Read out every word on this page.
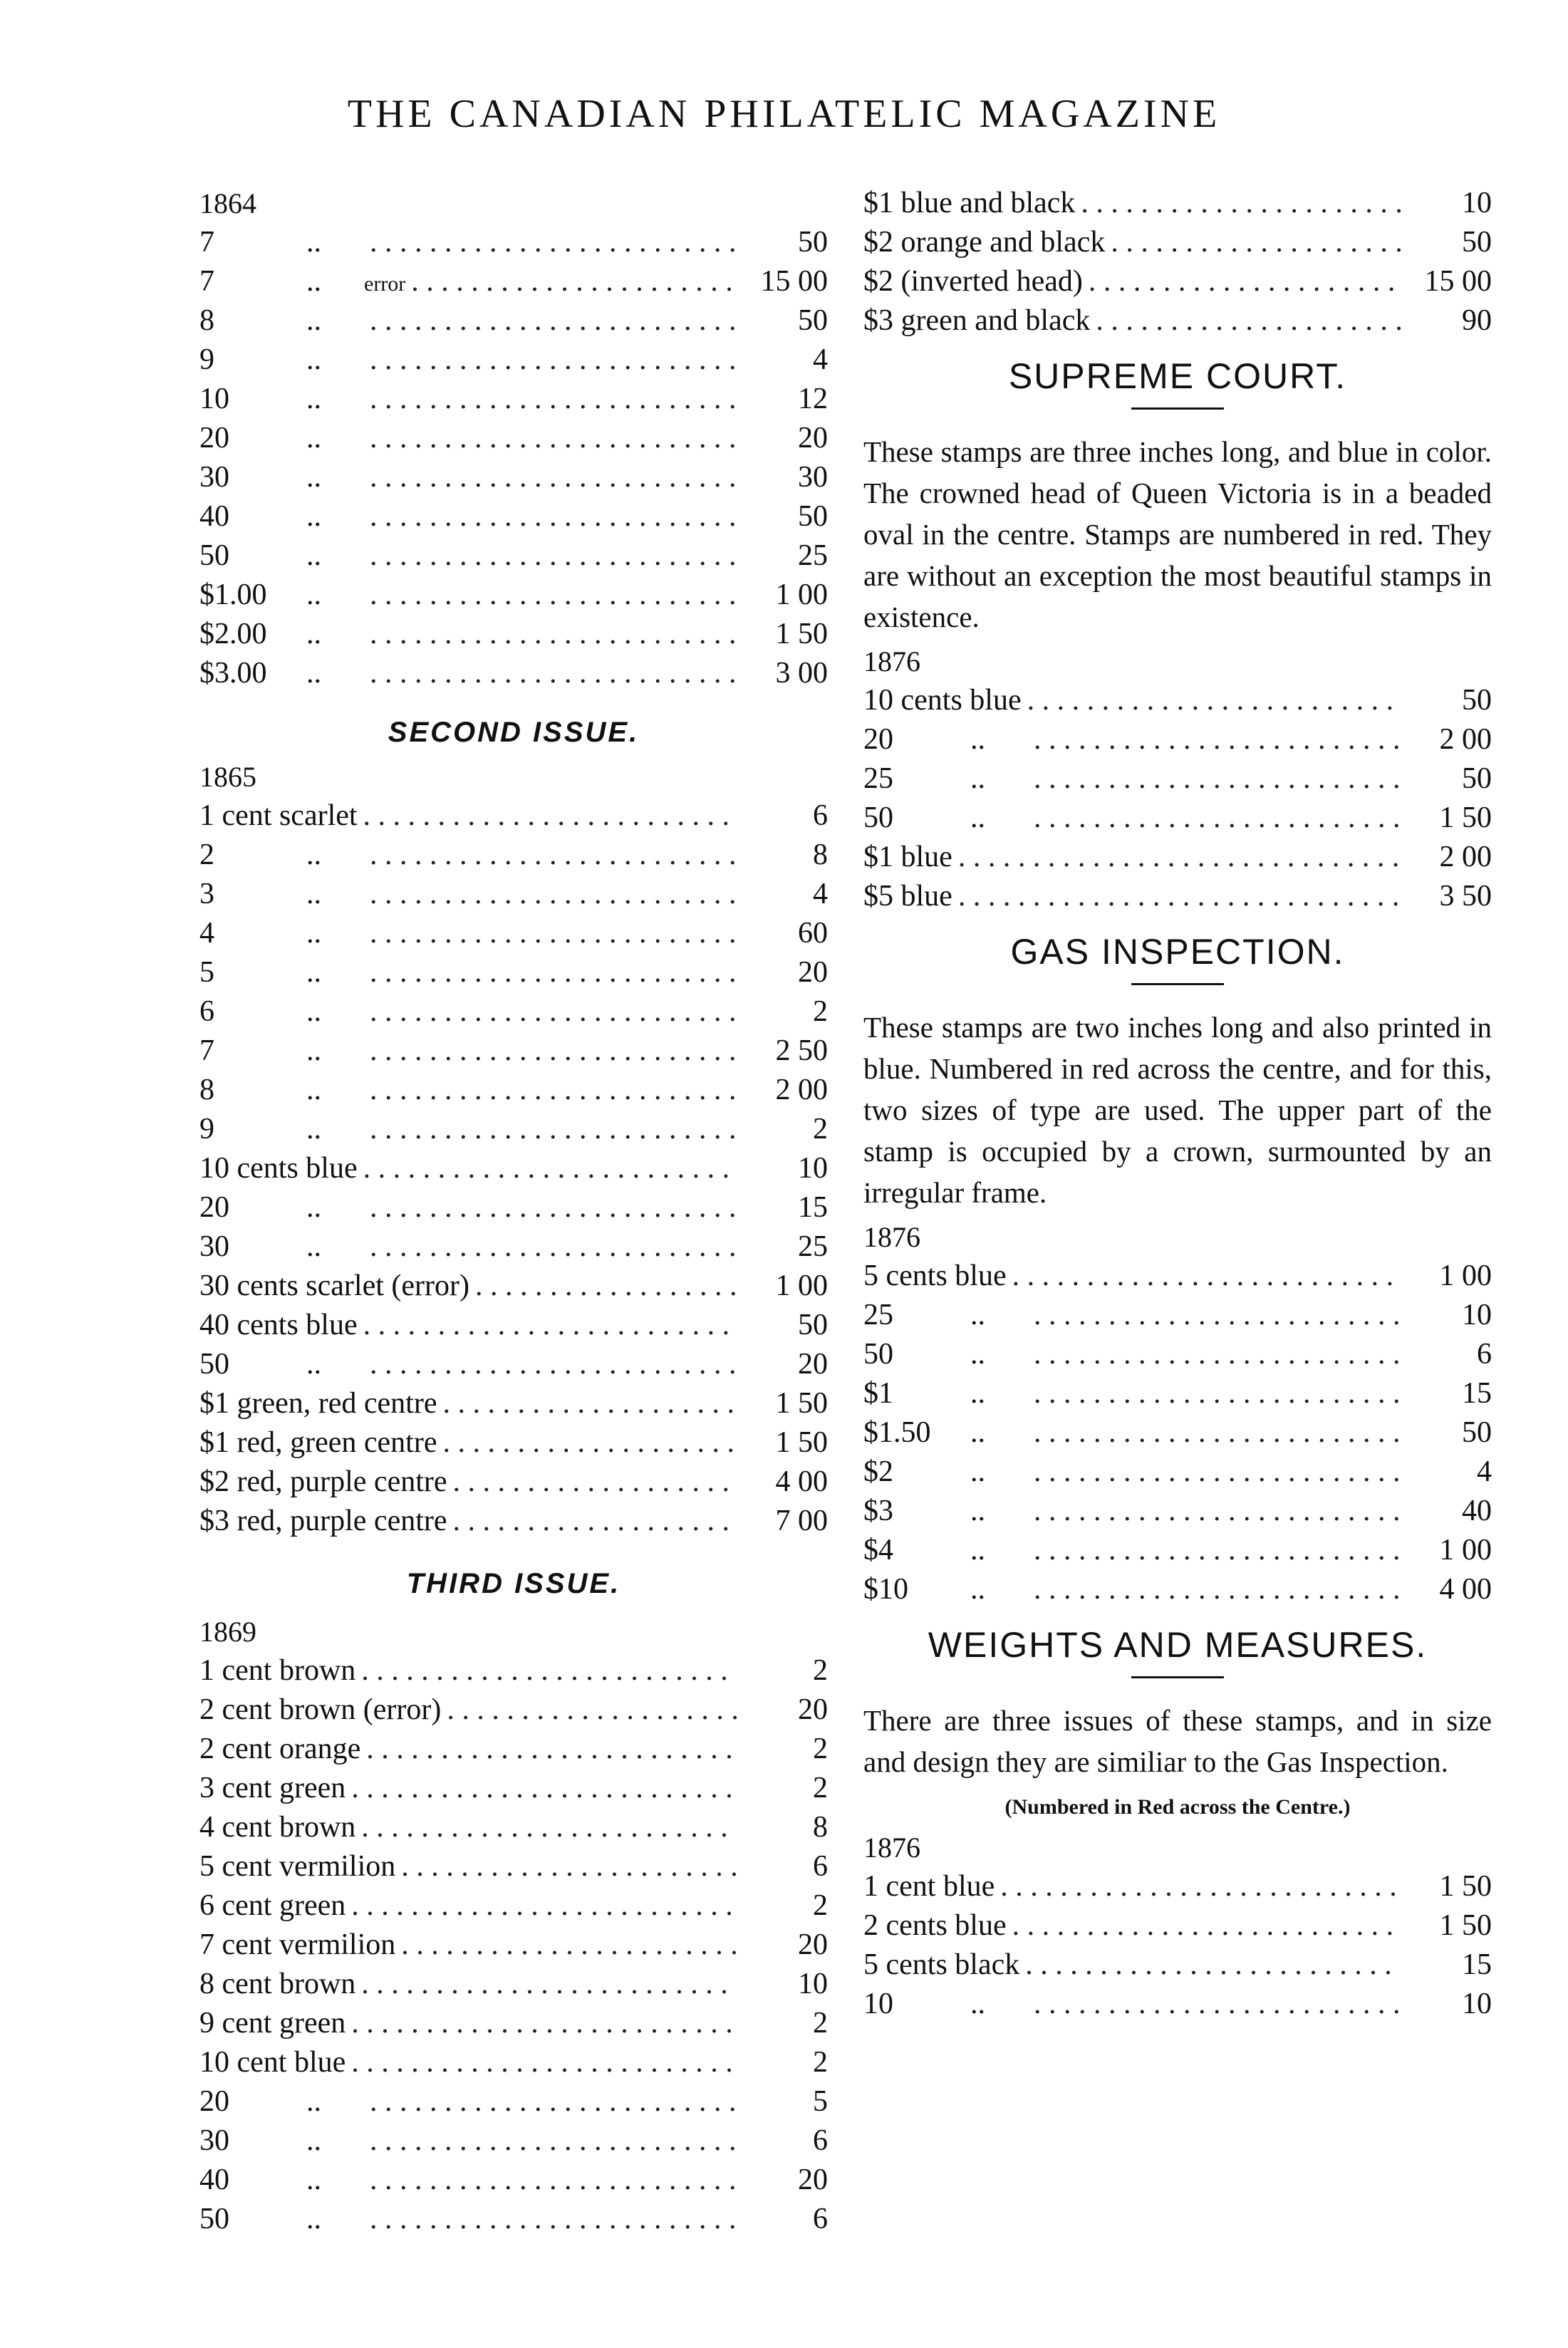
THE CANADIAN PHILATELIC MAGAZINE
1864
7	.. . . .	50
7	.. error . . .	15 00
8	.. . . .	50
9	.. . . .	4
10	.. . . .	12
20	.. . . .	20
30	.. . . .	30
40	.. . . .	50
50	.. . . .	25
$1.00	.. . . .	1 00
$2.00	.. . . .	1 50
$3.00	.. . . .	3 00
SECOND ISSUE.
1865
1 cent scarlet . . .	6
2	.. . . .	8
3	.. . . .	4
4	.. . . .	60
5	.. . . .	20
6	.. . . .	2
7	.. . . .	2 50
8	.. . . .	2 00
9	.. . . .	2
10 cents blue . . .	10
20	.. . . .	15
30	.. . . .	25
30 cents scarlet (error) . . .	1 00
40 cents blue . . .	50
50	.. . . .	20
$1 green, red centre . . .	1 50
$1 red, green centre . . .	1 50
$2 red, purple centre . . .	4 00
$3 red, purple centre . . .	7 00
THIRD ISSUE.
1869
1 cent brown . . .	2
2 cent brown (error) . . .	20
2 cent orange . . .	2
3 cent green . . .	2
4 cent brown . . .	8
5 cent vermilion . . .	6
6 cent green . . .	2
7 cent vermilion . . .	20
8 cent brown . . .	10
9 cent green . . .	2
10 cent blue . . .	2
20	.. . . .	5
30	.. . . .	6
40	.. . . .	20
50	.. . . .	6
$1 blue and black . . .	10
$2 orange and black . . .	50
$2 (inverted head) . . .	15 00
$3 green and black . . .	90
SUPREME COURT.

These stamps are three inches long, and blue in color. The crowned head of Queen Victoria is in a beaded oval in the centre. Stamps are numbered in red. They are without an exception the most beautiful stamps in existence.

1876
10 cents blue . . .	50
20	.. . . .	2 00
25	.. . . .	50
50	.. . . .	1 50
$1 blue . . .	2 00
$5 blue . . .	3 50
GAS INSPECTION.

These stamps are two inches long and also printed in blue. Numbered in red across the centre, and for this, two sizes of type are used. The upper part of the stamp is occupied by a crown, surmounted by an irregular frame.

1876
5 cents blue . . .	1 00
25	.. . . .	10
50	.. . . .	6
$1	.. . . .	15
$1.50	.. . . .	50
$2	.. . . .	4
$3	.. . . .	40
$4	.. . . .	1 00
$10	.. . . .	4 00
WEIGHTS AND MEASURES.

There are three issues of these stamps, and in size and design they are similiar to the Gas Inspection.

(Numbered in Red across the Centre.)
1876
1 cent blue . . .	1 50
2 cents blue . . .	1 50
5 cents black . . .	15
10	.. . . .	10
